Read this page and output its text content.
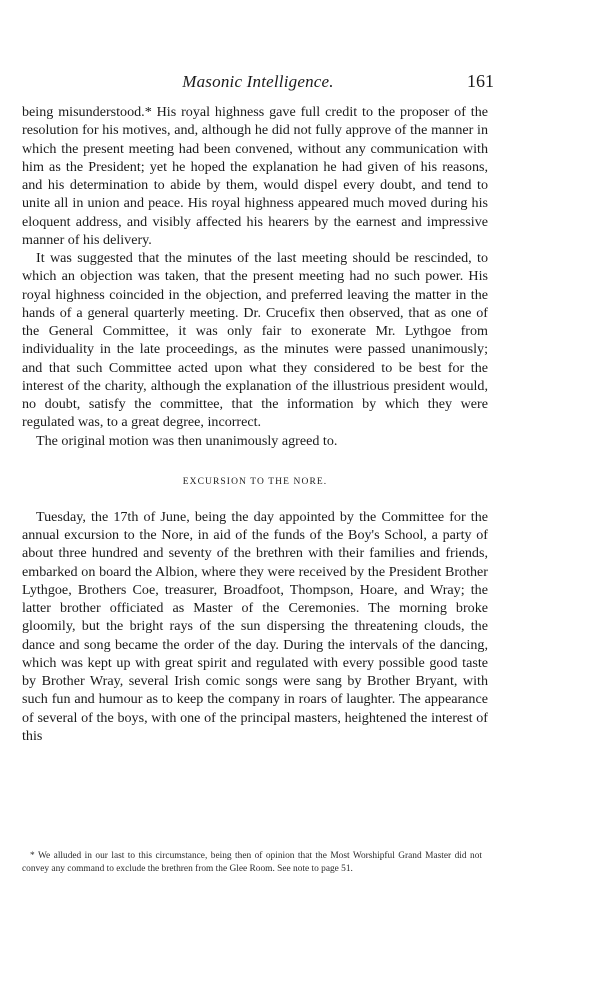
Masonic Intelligence.	161

being misunderstood.* His royal highness gave full credit to the proposer of the resolution for his motives, and, although he did not fully approve of the manner in which the present meeting had been convened, without any communication with him as the President; yet he hoped the explanation he had given of his reasons, and his determination to abide by them, would dispel every doubt, and tend to unite all in union and peace. His royal highness appeared much moved during his eloquent address, and visibly affected his hearers by the earnest and impressive manner of his delivery.

It was suggested that the minutes of the last meeting should be rescinded, to which an objection was taken, that the present meeting had no such power. His royal highness coincided in the objection, and preferred leaving the matter in the hands of a general quarterly meeting. Dr. Crucefix then observed, that as one of the General Committee, it was only fair to exonerate Mr. Lythgoe from individuality in the late proceedings, as the minutes were passed unanimously; and that such Committee acted upon what they considered to be best for the interest of the charity, although the explanation of the illustrious president would, no doubt, satisfy the committee, that the information by which they were regulated was, to a great degree, incorrect.

The original motion was then unanimously agreed to.

EXCURSION TO THE NORE.

Tuesday, the 17th of June, being the day appointed by the Committee for the annual excursion to the Nore, in aid of the funds of the Boy's School, a party of about three hundred and seventy of the brethren with their families and friends, embarked on board the Albion, where they were received by the President Brother Lythgoe, Brothers Coe, treasurer, Broadfoot, Thompson, Hoare, and Wray; the latter brother officiated as Master of the Ceremonies. The morning broke gloomily, but the bright rays of the sun dispersing the threatening clouds, the dance and song became the order of the day. During the intervals of the dancing, which was kept up with great spirit and regulated with every possible good taste by Brother Wray, several Irish comic songs were sang by Brother Bryant, with such fun and humour as to keep the company in roars of laughter. The appearance of several of the boys, with one of the principal masters, heightened the interest of this

* We alluded in our last to this circumstance, being then of opinion that the Most Worshipful Grand Master did not convey any command to exclude the brethren from the Glee Room. See note to page 51.
